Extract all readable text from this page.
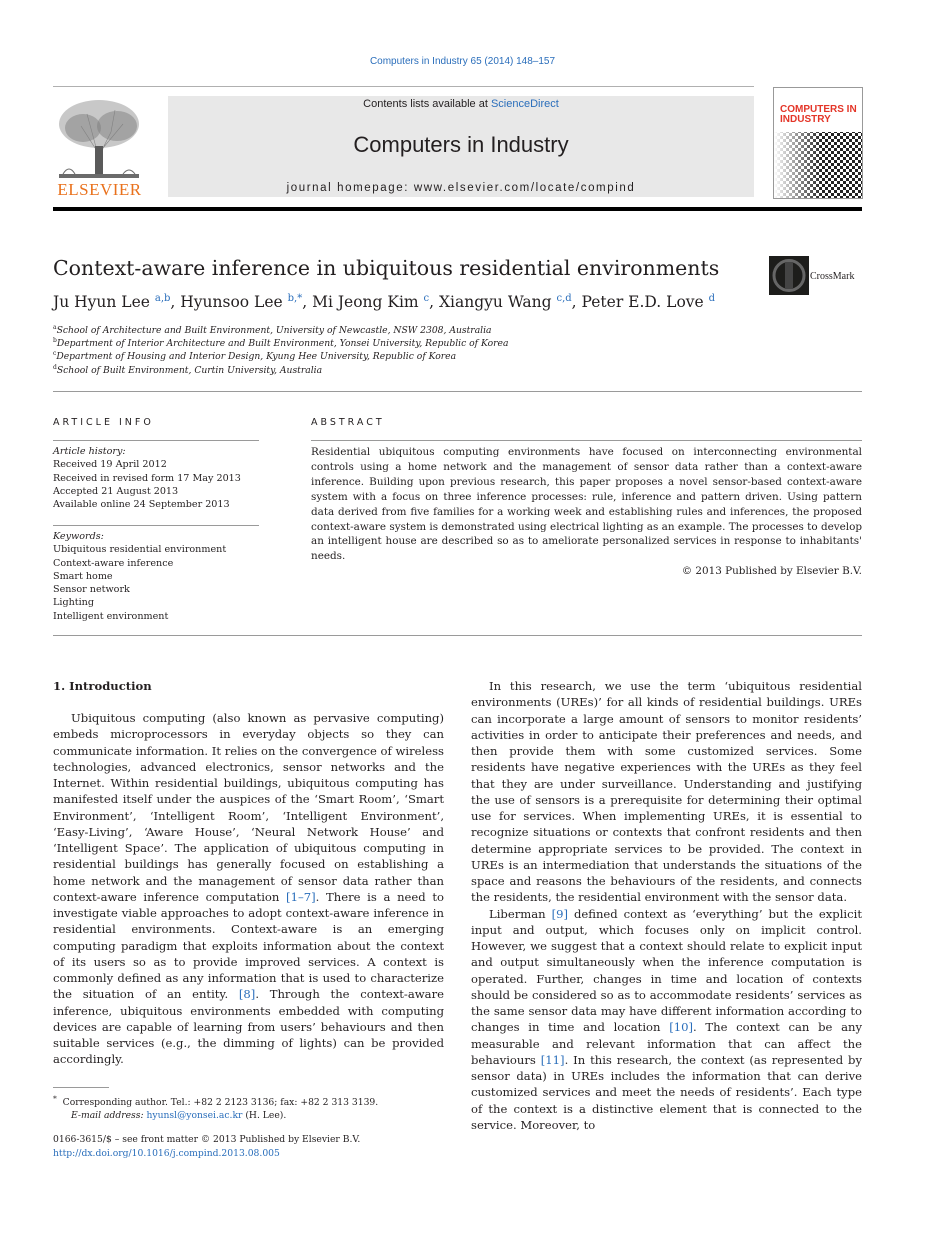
Computers in Industry 65 (2014) 148–157
ELSEVIER
Contents lists available at ScienceDirect
Computers in Industry
journal homepage: www.elsevier.com/locate/compind
COMPUTERS IN INDUSTRY
Context-aware inference in ubiquitous residential environments	CrossMark
Ju Hyun Lee $^{a,b}$, Hyunsoo Lee $^{b,*}$, Mi Jeong Kim $^c$, Xiangyu Wang $^{c,d}$, Peter E.D. Love $^d$
$^a$School of Architecture and Built Environment, University of Newcastle, NSW 2308, Australia
$^b$Department of Interior Architecture and Built Environment, Yonsei University, Republic of Korea
$^c$Department of Housing and Interior Design, Kyung Hee University, Republic of Korea
$^d$School of Built Environment, Curtin University, Australia
ARTICLE INFO
Article history:
Received 19 April 2012
Received in revised form 17 May 2013
Accepted 21 August 2013
Available online 24 September 2013
Keywords:
Ubiquitous residential environment
Context-aware inference
Smart home
Sensor network
Lighting
Intelligent environment
ABSTRACT
Residential ubiquitous computing environments have focused on interconnecting environmental controls using a home network and the management of sensor data rather than a context-aware inference. Building upon previous research, this paper proposes a novel sensor-based context-aware system with a focus on three inference processes: rule, inference and pattern driven. Using pattern data derived from five families for a working week and establishing rules and inferences, the proposed context-aware system is demonstrated using electrical lighting as an example. The processes to develop an intelligent house are described so as to ameliorate personalized services in response to inhabitants' needs.
© 2013 Published by Elsevier B.V.
1. Introduction

Ubiquitous computing (also known as pervasive computing) embeds microprocessors in everyday objects so they can communicate information. It relies on the convergence of wireless technologies, advanced electronics, sensor networks and the Internet. Within residential buildings, ubiquitous computing has manifested itself under the auspices of the ‘Smart Room’, ‘Smart Environment’, ‘Intelligent Room’, ‘Intelligent Environment’, ‘Easy-Living’, ‘Aware House’, ‘Neural Network House’ and ‘Intelligent Space’. The application of ubiquitous computing in residential buildings has generally focused on establishing a home network and the management of sensor data rather than context-aware inference computation [1–7]. There is a need to investigate viable approaches to adopt context-aware inference in residential environments. Context-aware is an emerging computing paradigm that exploits information about the context of its users so as to provide improved services. A context is commonly defined as any information that is used to characterize the situation of an entity. [8]. Through the context-aware inference, ubiquitous environments embedded with computing devices are capable of learning from users’ behaviours and then suitable services (e.g., the dimming of lights) can be provided accordingly.

In this research, we use the term ‘ubiquitous residential environments (UREs)’ for all kinds of residential buildings. UREs can incorporate a large amount of sensors to monitor residents’ activities in order to anticipate their preferences and needs, and then provide them with some customized services. Some residents have negative experiences with the UREs as they feel that they are under surveillance. Understanding and justifying the use of sensors is a prerequisite for determining their optimal use for services. When implementing UREs, it is essential to recognize situations or contexts that confront residents and then determine appropriate services to be provided. The context in UREs is an intermediation that understands the situations of the space and reasons the behaviours of the residents, and connects the residents, the residential environment with the sensor data.

Liberman [9] defined context as ‘everything’ but the explicit input and output, which focuses only on implicit control. However, we suggest that a context should relate to explicit input and output simultaneously when the inference computation is operated. Further, changes in time and location of contexts should be considered so as to accommodate residents’ services as the same sensor data may have different information according to changes in time and location [10]. The context can be any measurable and relevant information that can affect the behaviours [11]. In this research, the context (as represented by sensor data) in UREs includes the information that can derive customized services and meet the needs of residents’. Each type of the context is a distinctive element that is connected to the service. Moreover, to

* Corresponding author. Tel.: +82 2 2123 3136; fax: +82 2 313 3139.
E-mail address: hyunsl@yonsei.ac.kr (H. Lee).
0166-3615/$ – see front matter © 2013 Published by Elsevier B.V.
http://dx.doi.org/10.1016/j.compind.2013.08.005
